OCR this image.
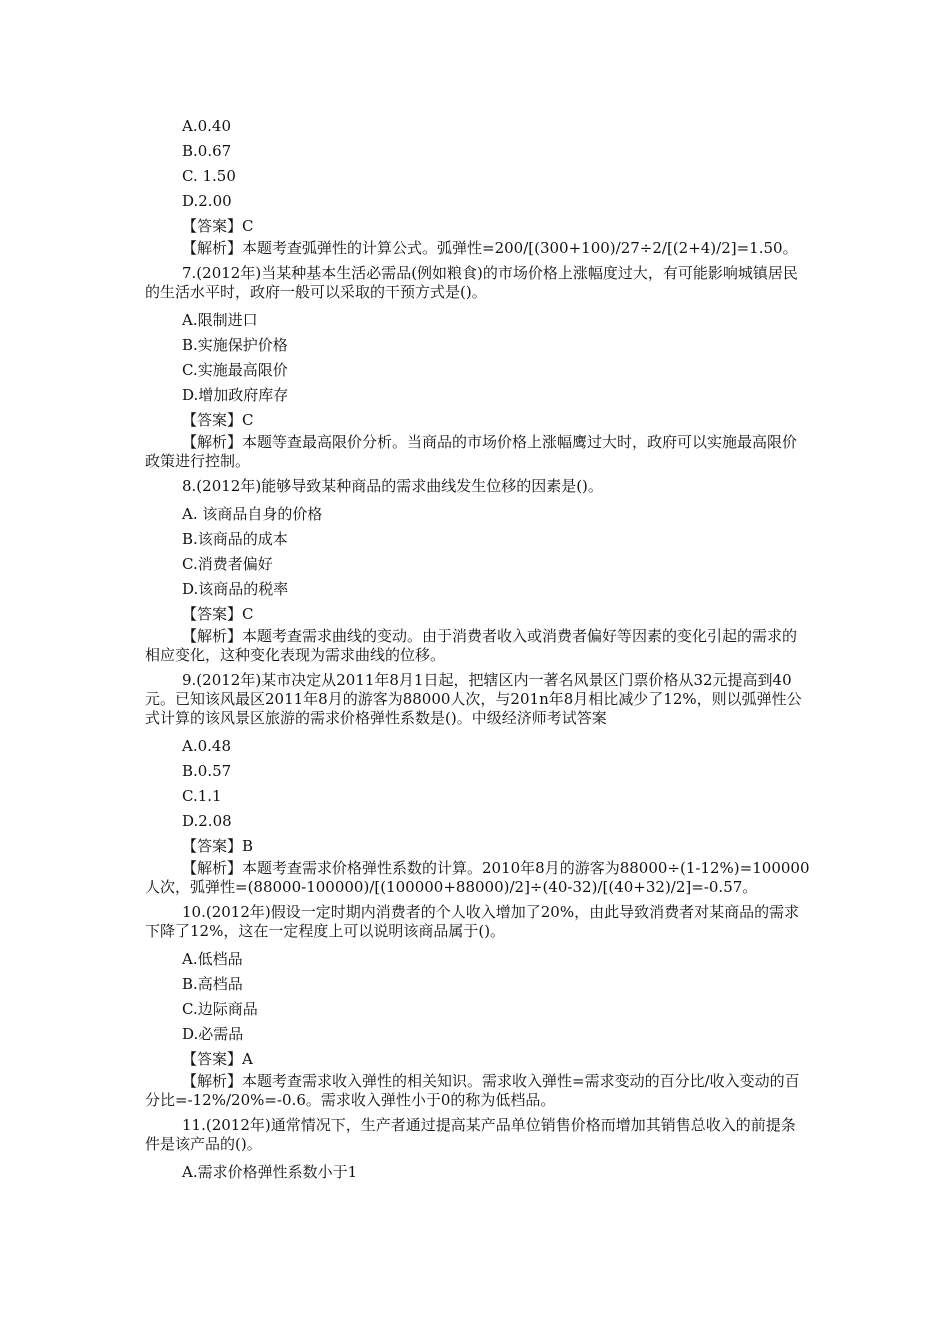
A.0.40
B.0.67
C. 1.50
D.2.00
【答案】C
【解析】本题考查弧弹性的计算公式。弧弹性=200/[(300+100)/27÷2/[(2+4)/2]=1.50。
7.(2012年)当某种基本生活必需品(例如粮食)的市场价格上涨幅度过大，有可能影响城镇居民的生活水平时，政府一般可以采取的干预方式是()。
A.限制进口
B.实施保护价格
C.实施最高限价
D.增加政府库存
【答案】C
【解析】本题等查最高限价分析。当商品的市场价格上涨幅鹰过大时，政府可以实施最高限价政策进行控制。
8.(2012年)能够导致某种商品的需求曲线发生位移的因素是()。
A. 该商品自身的价格
B.该商品的成本
C.消费者偏好
D.该商品的税率
【答案】C
【解析】本题考查需求曲线的变动。由于消费者收入或消费者偏好等因素的变化引起的需求的相应变化，这种变化表现为需求曲线的位移。
9.(2012年)某市决定从2011年8月1日起，把辖区内一著名风景区门票价格从32元提高到40元。已知该风最区2011年8月的游客为88000人次，与201n年8月相比减少了12%，则以弧弹性公式计算的该风景区旅游的需求价格弹性系数是()。中级经济师考试答案
A.0.48
B.0.57
C.1.1
D.2.08
【答案】B
【解析】本题考查需求价格弹性系数的计算。2010年8月的游客为88000÷(1-12%)=100000人次，弧弹性=(88000-100000)/[(100000+88000)/2]÷(40-32)/[(40+32)/2]=-0.57。
10.(2012年)假设一定时期内消费者的个人收入增加了20%，由此导致消费者对某商品的需求下降了12%，这在一定程度上可以说明该商品属于()。
A.低档品
B.高档品
C.边际商品
D.必需品
【答案】A
【解析】本题考查需求收入弹性的相关知识。需求收入弹性=需求变动的百分比/收入变动的百分比=-12%/20%=-0.6。需求收入弹性小于0的称为低档品。
11.(2012年)通常情况下，生产者通过提高某产品单位销售价格而增加其销售总收入的前提条件是该产品的()。
A.需求价格弹性系数小于1
